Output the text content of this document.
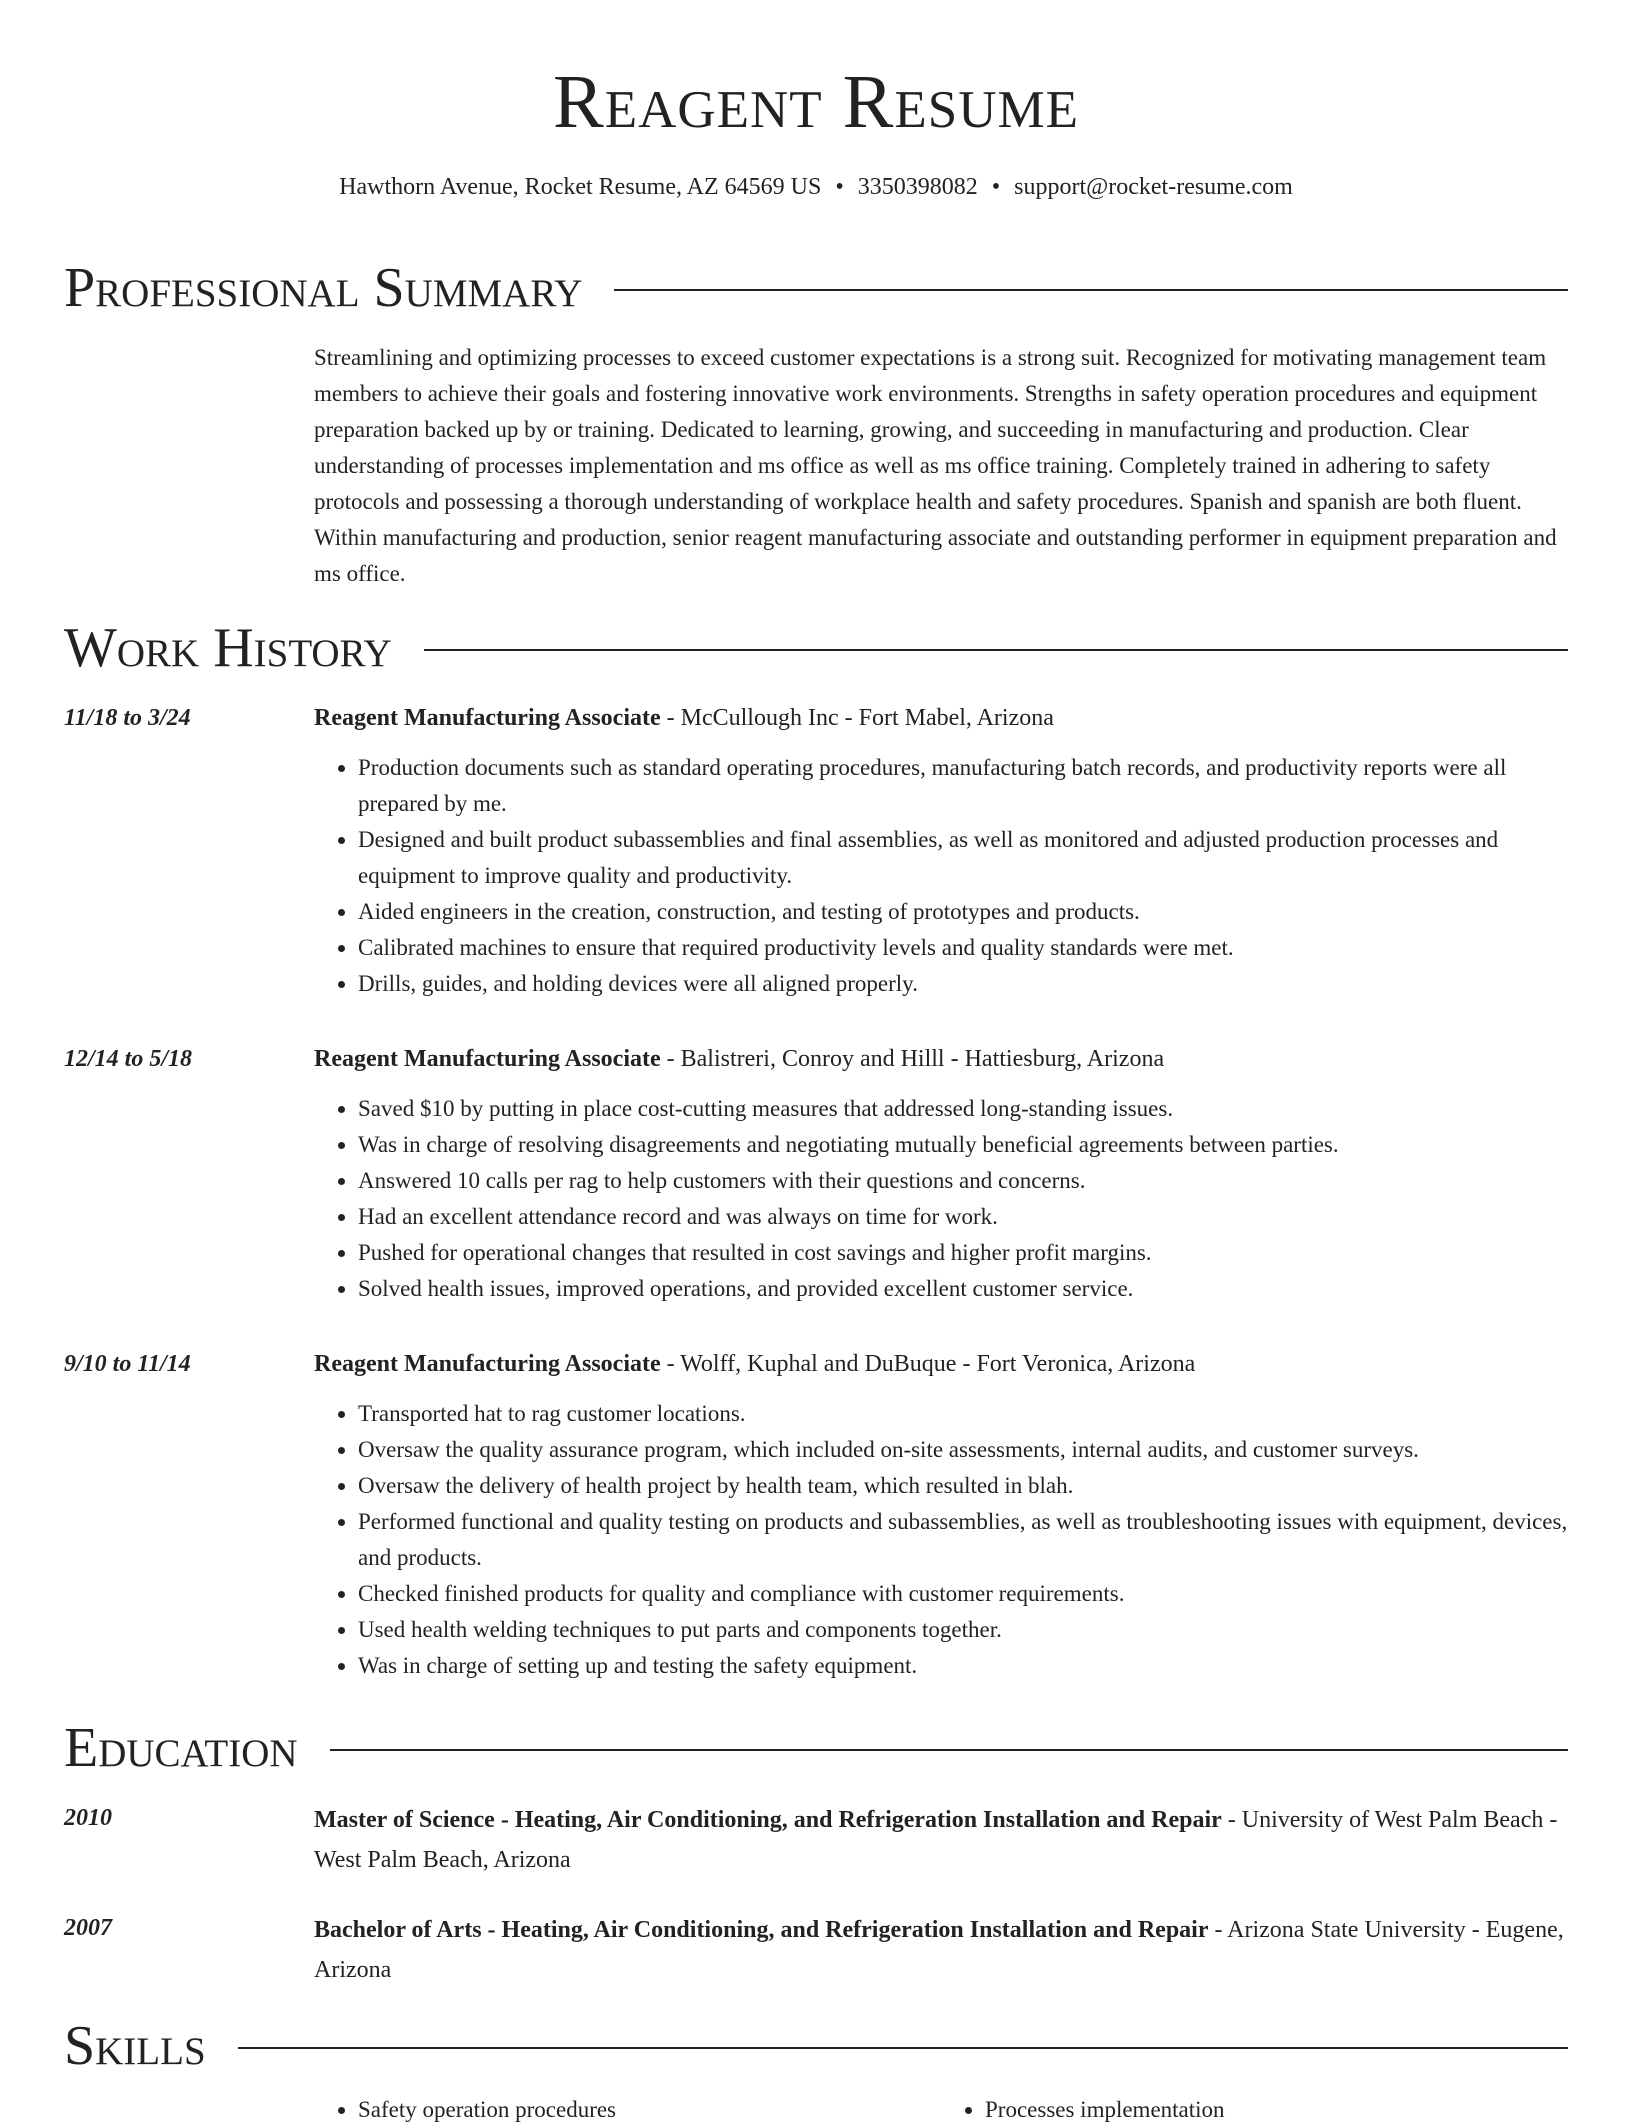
Reagent Resume
Hawthorn Avenue, Rocket Resume, AZ 64569 US • 3350398082 • support@rocket-resume.com
Professional Summary

Streamlining and optimizing processes to exceed customer expectations is a strong suit. Recognized for motivating management team members to achieve their goals and fostering innovative work environments. Strengths in safety operation procedures and equipment preparation backed up by or training. Dedicated to learning, growing, and succeeding in manufacturing and production. Clear understanding of processes implementation and ms office as well as ms office training. Completely trained in adhering to safety protocols and possessing a thorough understanding of workplace health and safety procedures. Spanish and spanish are both fluent. Within manufacturing and production, senior reagent manufacturing associate and outstanding performer in equipment preparation and ms office.

Work History
11/18 to 3/24	Reagent Manufacturing Associate - McCullough Inc - Fort Mabel, Arizona
• Production documents such as standard operating procedures, manufacturing batch records, and productivity reports were all prepared by me.
• Designed and built product subassemblies and final assemblies, as well as monitored and adjusted production processes and equipment to improve quality and productivity.
• Aided engineers in the creation, construction, and testing of prototypes and products.
• Calibrated machines to ensure that required productivity levels and quality standards were met.
• Drills, guides, and holding devices were all aligned properly.
12/14 to 5/18	Reagent Manufacturing Associate - Balistreri, Conroy and Hilll - Hattiesburg, Arizona
• Saved $10 by putting in place cost-cutting measures that addressed long-standing issues.
• Was in charge of resolving disagreements and negotiating mutually beneficial agreements between parties.
• Answered 10 calls per rag to help customers with their questions and concerns.
• Had an excellent attendance record and was always on time for work.
• Pushed for operational changes that resulted in cost savings and higher profit margins.
• Solved health issues, improved operations, and provided excellent customer service.
9/10 to 11/14	Reagent Manufacturing Associate - Wolff, Kuphal and DuBuque - Fort Veronica, Arizona
• Transported hat to rag customer locations.
• Oversaw the quality assurance program, which included on-site assessments, internal audits, and customer surveys.
• Oversaw the delivery of health project by health team, which resulted in blah.
• Performed functional and quality testing on products and subassemblies, as well as troubleshooting issues with equipment, devices, and products.
• Checked finished products for quality and compliance with customer requirements.
• Used health welding techniques to put parts and components together.
• Was in charge of setting up and testing the safety equipment.
Education
2010	Master of Science - Heating, Air Conditioning, and Refrigeration Installation and Repair - University of West Palm Beach - West Palm Beach, Arizona
2007	Bachelor of Arts - Heating, Air Conditioning, and Refrigeration Installation and Repair - Arizona State University - Eugene, Arizona
Skills
• Safety operation procedures
•	Processes implementation
